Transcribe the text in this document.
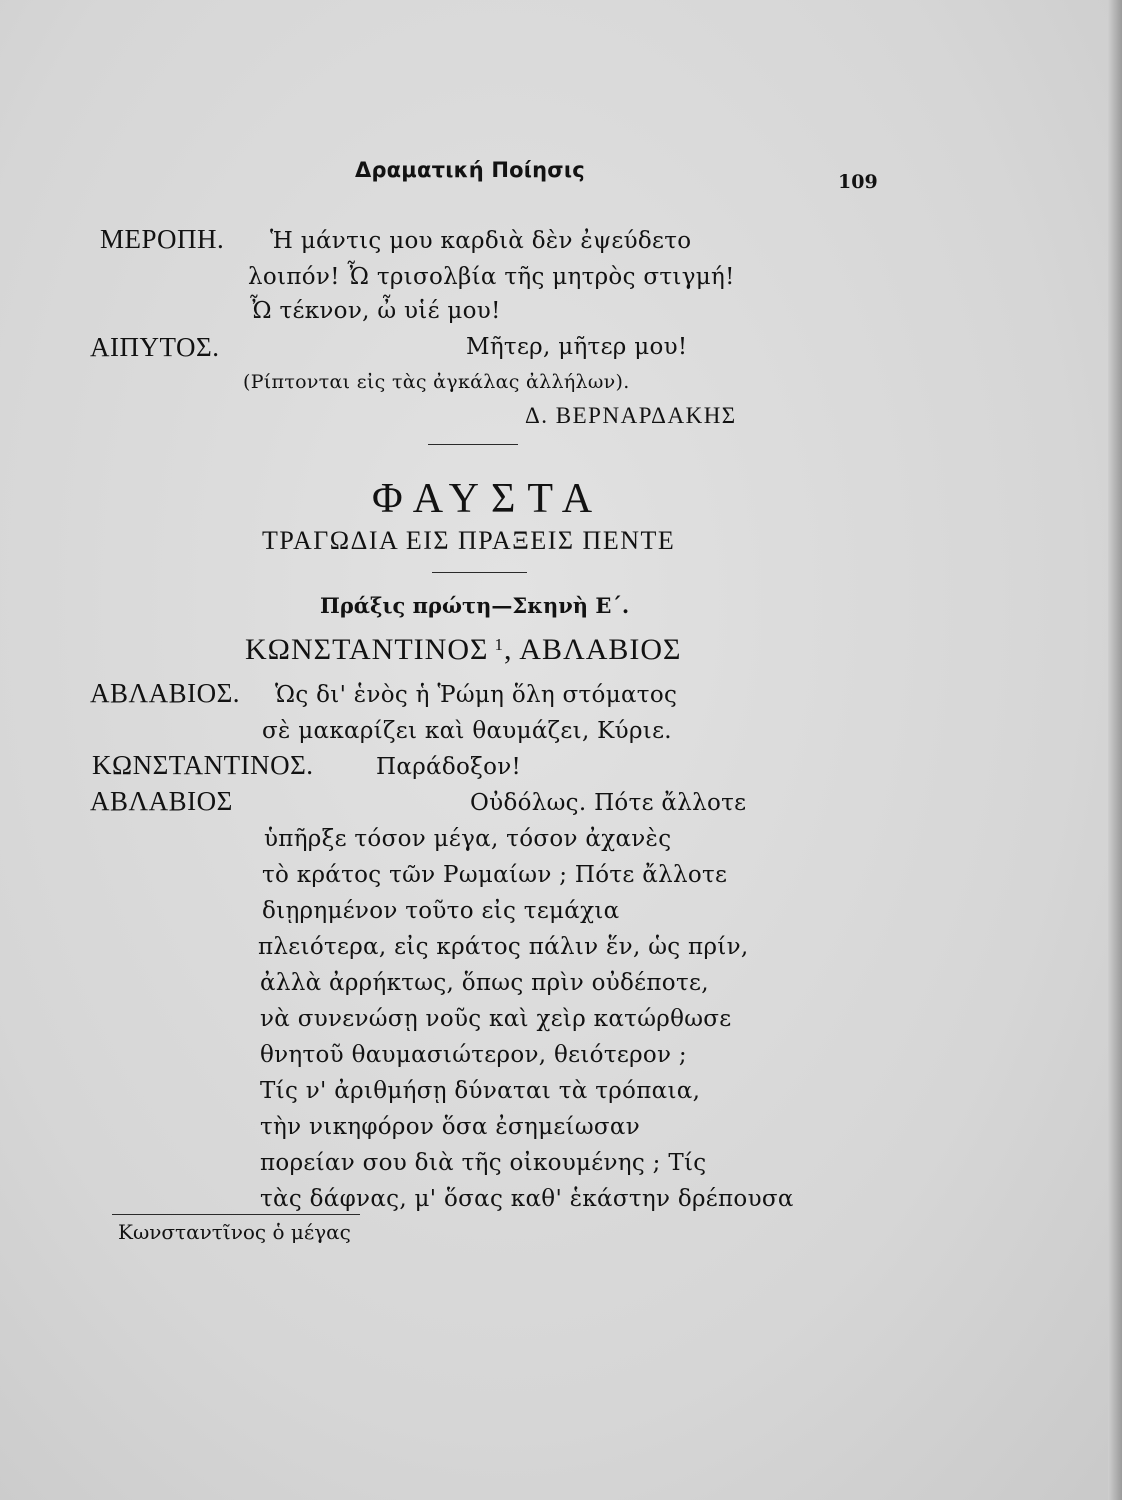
Δραματική Ποίησις	109
ΜΕΡΟΠΗ. Ἡ μάντις μου καρδιὰ δὲν ἐψεύδετο
λοιπόν! Ὦ τρισολβία τῆς μητρὸς στιγμή!
Ὦ τέκνον, ὦ υἱέ μου!
ΑΙΠΥΤΟΣ.	Μῆτερ, μῆτερ μου!
(Ρίπτονται εἰς τὰς ἀγκάλας ἀλλήλων).
Δ. ΒΕΡΝΑΡΔΑΚΗΣ
ΦΑΥΣΤΑ
ΤΡΑΓΩΔΙΑ ΕΙΣ ΠΡΑΞΕΙΣ ΠΕΝΤΕ
Πράξις πρώτη—Σκηνὴ Ε΄.
ΚΩΝΣΤΑΝΤΙΝΟΣ $^1$, ΑΒΛΑΒΙΟΣ
ΑΒΛΑΒΙΟΣ. Ὡς δι' ἑνὸς ἡ Ῥώμη ὅλη στόματος
σὲ μακαρίζει καὶ θαυμάζει, Κύριε.
ΚΩΝΣΤΑΝΤΙΝΟΣ.	Παράδοξον!
ΑΒΛΑΒΙΟΣ	Οὐδόλως. Πότε ἄλλοτε
ὑπῆρξε τόσον μέγα, τόσον ἀχανὲς
τὸ κράτος τῶν Ρωμαίων ; Πότε ἄλλοτε
διῃρημένον τοῦτο εἰς τεμάχια
πλειότερα, εἰς κράτος πάλιν ἕν, ὡς πρίν,
ἀλλὰ ἀρρήκτως, ὅπως πρὶν οὐδέποτε,
νὰ συνενώσῃ νοῦς καὶ χεὶρ κατώρθωσε
θνητοῦ θαυμασιώτερον, θειότερον ;
Τίς ν' ἀριθμήσῃ δύναται τὰ τρόπαια,
τὴν νικηφόρον ὅσα ἐσημείωσαν
πορείαν σου διὰ τῆς οἰκουμένης ; Τίς
τὰς δάφνας, μ' ὅσας καθ' ἑκάστην δρέπουσα
Κωνσταντῖνος ὁ μέγας
